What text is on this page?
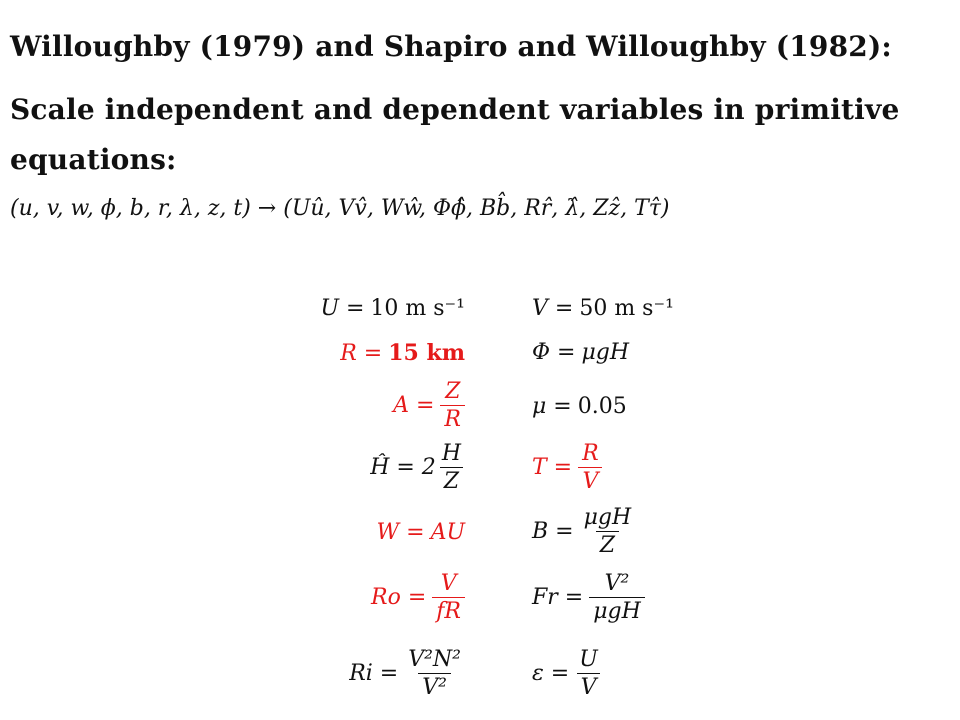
Willoughby (1979) and Shapiro and Willoughby (1982):
Scale independent and dependent variables in primitive
equations:
(u, v, w, ϕ, b, r, λ, z, t) → (Uû, Vv̂, Wŵ, Φϕ̂, Bb̂, Rr̂, λ̂, Zẑ, Tτ̂)
U = 10 m s⁻¹
R = 15 km
$A = \frac{Z}{R}$
Ĥ = $2 \frac{H}{Z}$
W = AU
$Ro = \frac{V}{fR}$
$Ri = \frac{\text{V²N²}}{\text{V²}}$
V = 50 m s⁻¹
Φ = μgH
μ = 0.05
$T = \frac{R}{V}$
$B = \frac{\text{μgH}}{Z}$
$Fr = \frac{\text{V²}}{\text{μgH}}$
$\varepsilon = \frac{U}{V}$
